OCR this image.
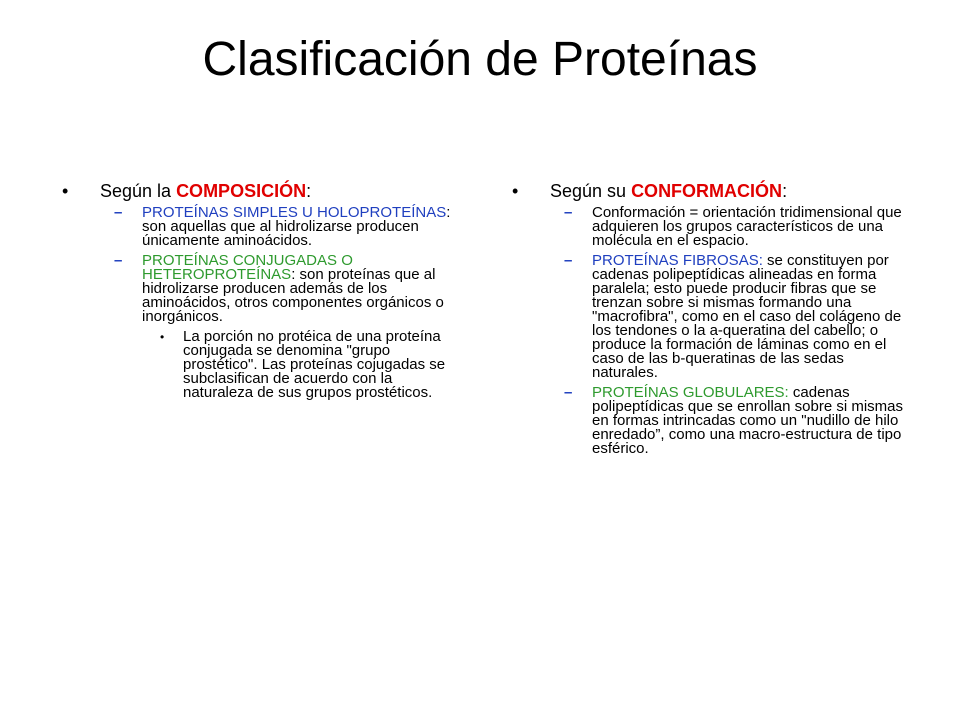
Clasificación de Proteínas
• Según la COMPOSICIÓN:
– PROTEÍNAS SIMPLES U HOLOPROTEÍNAS: son aquellas que al hidrolizarse producen únicamente aminoácidos.
– PROTEÍNAS CONJUGADAS O HETEROPROTEÍNAS: son proteínas que al hidrolizarse producen además de los aminoácidos, otros componentes orgánicos o inorgánicos.
• La porción no protéica de una proteína conjugada se denomina "grupo prostético". Las proteínas cojugadas se subclasifican de acuerdo con la naturaleza de sus grupos prostéticos.
• Según su CONFORMACIÓN:
– Conformación = orientación tridimensional que adquieren los grupos característicos de una molécula en el espacio.
– PROTEÍNAS FIBROSAS: se constituyen por cadenas polipeptídicas alineadas en forma paralela; esto puede producir fibras que se trenzan sobre si mismas formando una "macrofibra", como en el caso del colágeno de los tendones o la a-queratina del cabello; o produce la formación de láminas como en el caso de las b-queratinas de las sedas naturales.
– PROTEÍNAS GLOBULARES: cadenas polipeptídicas que se enrollan sobre si mismas en formas intrincadas como un "nudillo de hilo enredado”, como una macro-estructura de tipo esférico.
